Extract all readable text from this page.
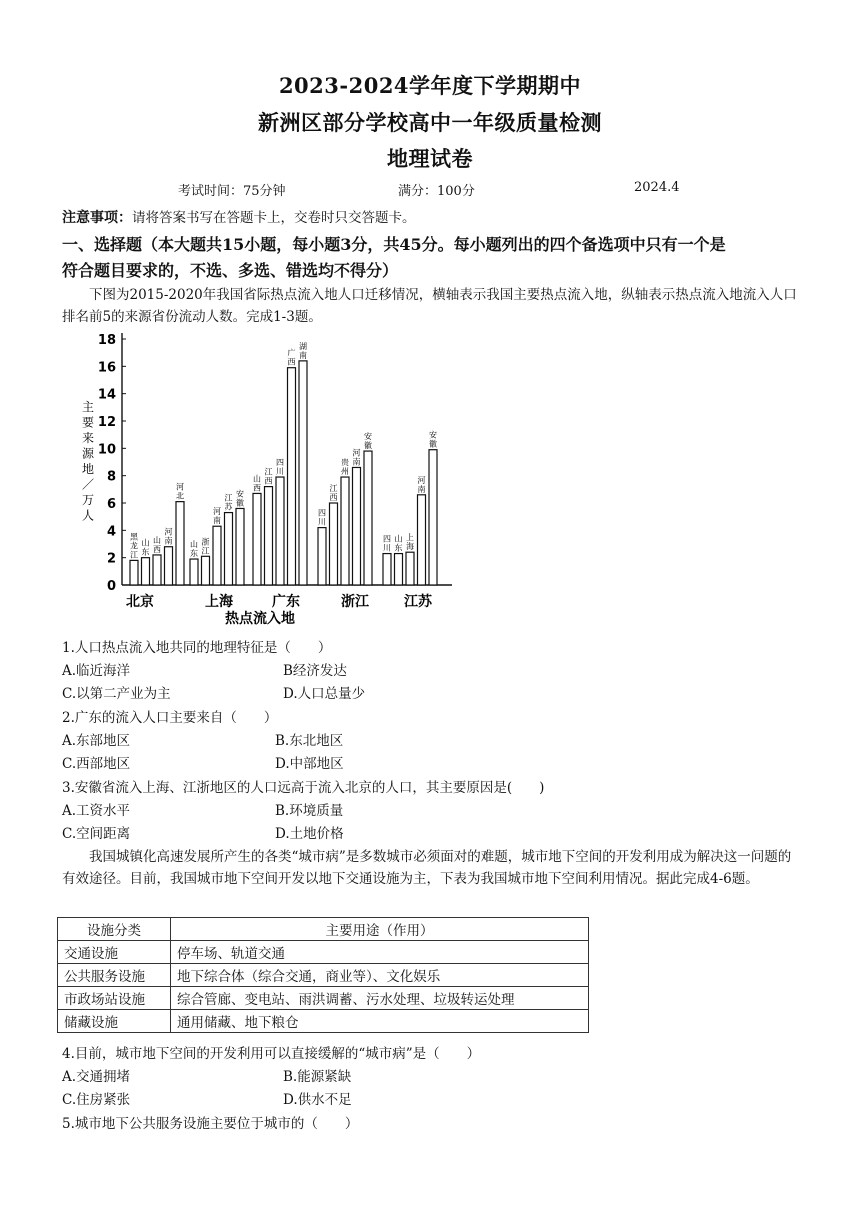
2023-2024学年度下学期期中
新洲区部分学校高中一年级质量检测
地理试卷
考试时间：75分钟	满分：100分	2024.4
注意事项：请将答案书写在答题卡上，交卷时只交答题卡。
一、选择题（本大题共15小题，每小题3分，共45分。每小题列出的四个备选项中只有一个是
符合题目要求的，不选、多选、错选均不得分）
下图为2015-2020年我国省际热点流入地人口迁移情况，横轴表示我国主要热点流入地，纵轴表示热点流入地流入人口排名前5的来源省份流动人数。完成1-3题。
0
2
4
6
8
10
12
14
16
18
黑龙江
山东
山西
河南
河北
山东
浙江
河南
江苏
安徽
山西
江西
四川
广西
湖南
四川
江西
贵州
河南
安徽
四川
山东
上海
河南
安徽
北京	上海	广东	浙江	江苏
热点流入地
主要来源地／万人
1.人口热点流入地共同的地理特征是（　　）
A.临近海洋	B经济发达
C.以第二产业为主	D.人口总量少
2.广东的流入人口主要来自（　　）
A.东部地区	B.东北地区
C.西部地区	D.中部地区
3.安徽省流入上海、江浙地区的人口远高于流入北京的人口，其主要原因是(　　)
A.工资水平	B.环境质量
C.空间距离	D.土地价格
我国城镇化高速发展所产生的各类“城市病”是多数城市必须面对的难题，城市地下空间的开发利用成为解决这一问题的有效途径。目前，我国城市地下空间开发以地下交通设施为主，下表为我国城市地下空间利用情况。据此完成4-6题。
设施分类	主要用途（作用）
交通设施	停车场、轨道交通
公共服务设施	地下综合体（综合交通，商业等）、文化娱乐
市政场站设施	综合管廊、变电站、雨洪调蓄、污水处理、垃圾转运处理
储藏设施	通用储藏、地下粮仓
4.目前，城市地下空间的开发利用可以直接缓解的“城市病”是（　　）
A.交通拥堵	B.能源紧缺
C.住房紧张	D.供水不足
5.城市地下公共服务设施主要位于城市的（　　）
